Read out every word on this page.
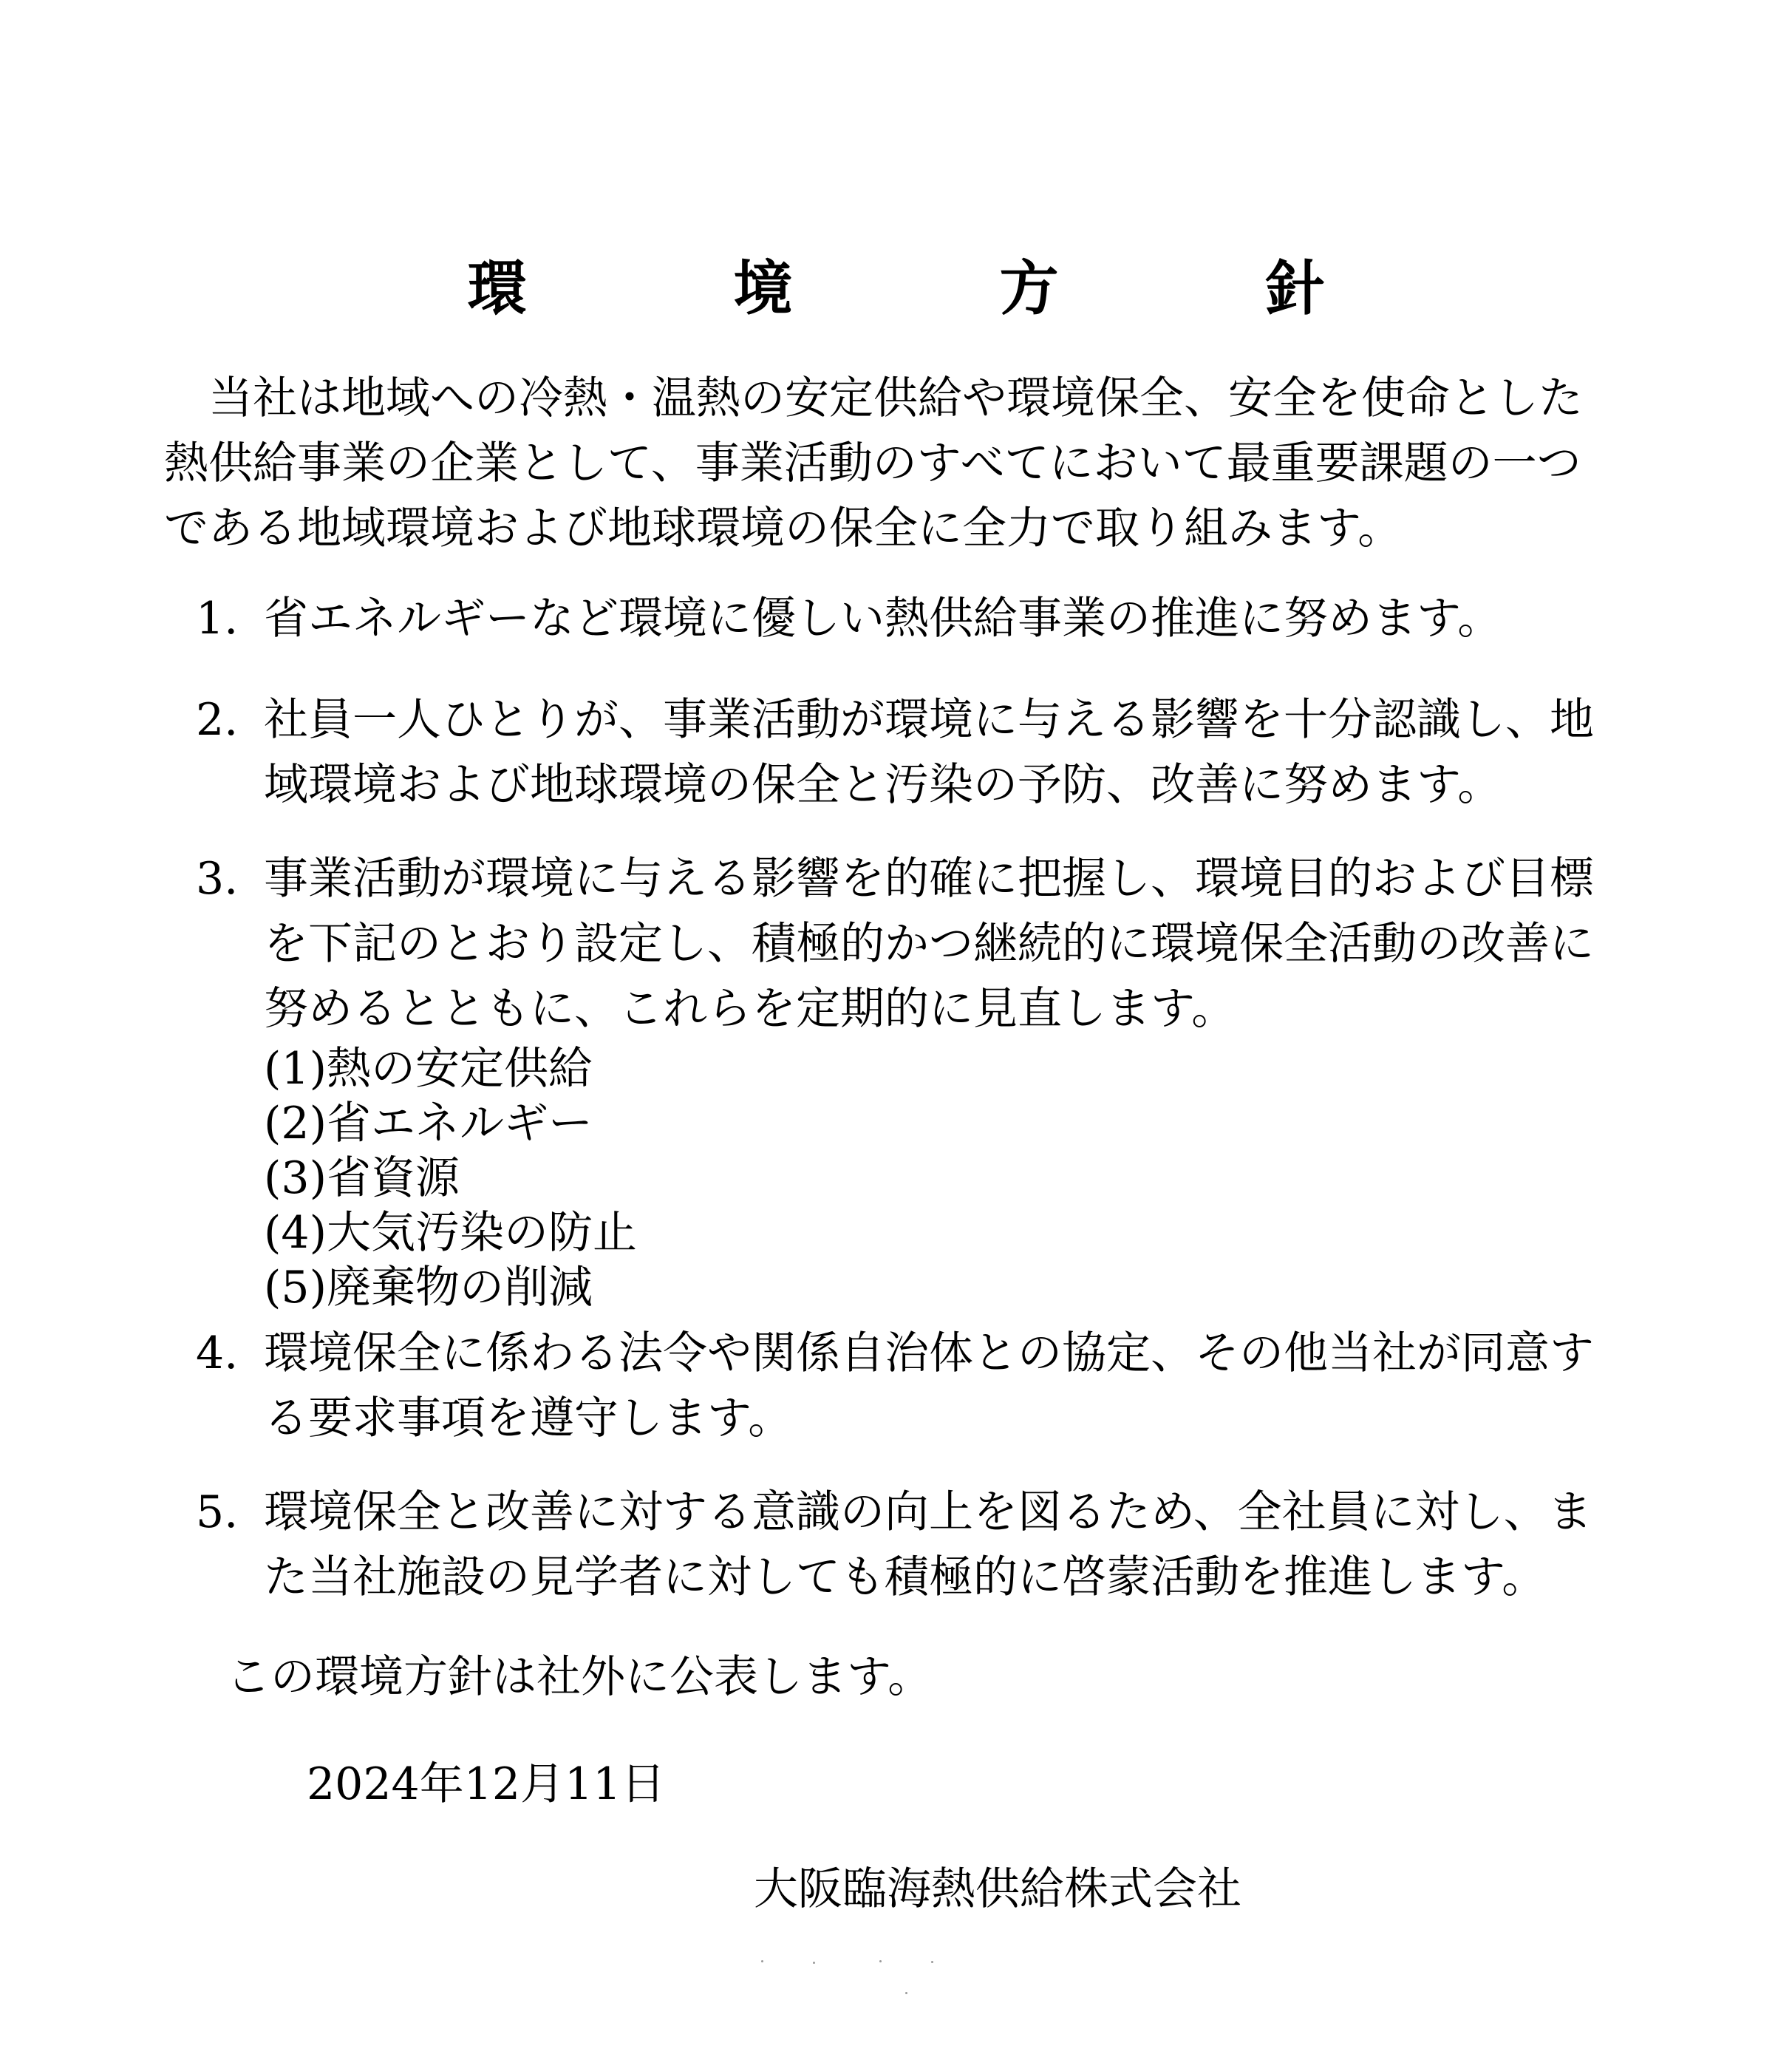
環　境　方　針
当社は地域への冷熱・温熱の安定供給や環境保全、安全を使命とした熱供給事業の企業として、事業活動のすべてにおいて最重要課題の一つである地域環境および地球環境の保全に全力で取り組みます。
1. 省エネルギーなど環境に優しい熱供給事業の推進に努めます。
2. 社員一人ひとりが、事業活動が環境に与える影響を十分認識し、地域環境および地球環境の保全と汚染の予防、改善に努めます。
3. 事業活動が環境に与える影響を的確に把握し、環境目的および目標を下記のとおり設定し、積極的かつ継続的に環境保全活動の改善に努めるとともに、これらを定期的に見直します。
(1)熱の安定供給
(2)省エネルギー
(3)省資源
(4)大気汚染の防止
(5)廃棄物の削減
4. 環境保全に係わる法令や関係自治体との協定、その他当社が同意する要求事項を遵守します。
5. 環境保全と改善に対する意識の向上を図るため、全社員に対し、また当社施設の見学者に対しても積極的に啓蒙活動を推進します。
この環境方針は社外に公表します。
2024年12月11日
大阪臨海熱供給株式会社
